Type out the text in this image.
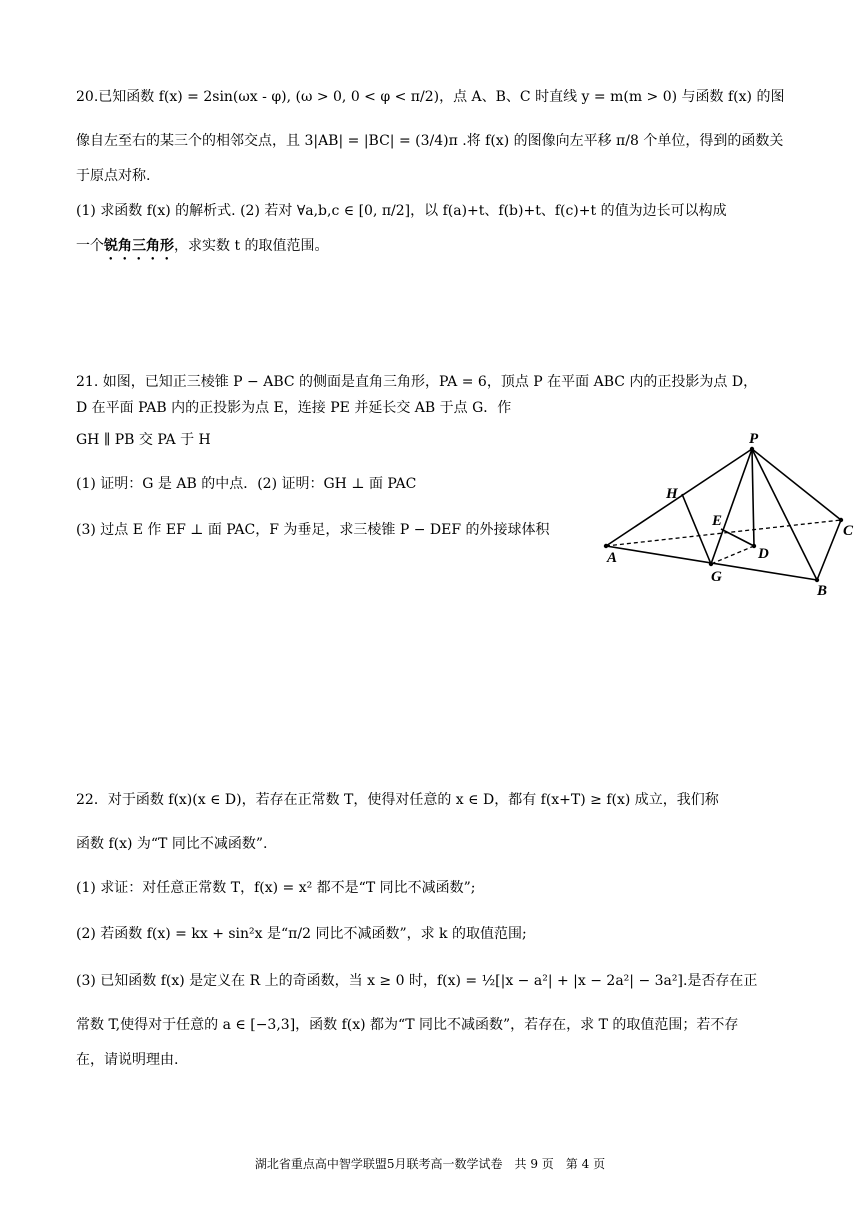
20.已知函数 f(x) = 2sin(ωx - φ), (ω > 0, 0 < φ < π/2)，点 A、B、C 时直线 y = m(m > 0) 与函数 f(x) 的图
像自左至右的某三个的相邻交点，且 3|AB| = |BC| = (3/4)π .将 f(x) 的图像向左平移 π/8 个单位，得到的函数关
于原点对称.
(1) 求函数 f(x) 的解析式. (2) 若对 ∀a,b,c ∈ [0, π/2]，以 f(a)+t、f(b)+t、f(c)+t 的值为边长可以构成
一个锐角三角形，求实数 t 的取值范围。
21. 如图，已知正三棱锥 P − ABC 的侧面是直角三角形，PA = 6，顶点 P 在平面 ABC 内的正投影为点 D，
D 在平面 PAB 内的正投影为点 E，连接 PE 并延长交 AB 于点 G．作
GH ∥ PB 交 PA 于 H
(1) 证明：G 是 AB 的中点．(2) 证明：GH ⊥ 面 PAC
(3) 过点 E 作 EF ⊥ 面 PAC，F 为垂足，求三棱锥 P − DEF 的外接球体积
P
H
E
C
D
A
G
B
22．对于函数 f(x)(x ∈ D)，若存在正常数 T，使得对任意的 x ∈ D，都有 f(x+T) ≥ f(x) 成立，我们称
函数 f(x) 为“T 同比不减函数”.
(1) 求证：对任意正常数 T，f(x) = x² 都不是“T 同比不减函数”;
(2) 若函数 f(x) = kx + sin²x 是“π/2 同比不减函数”，求 k 的取值范围;
(3) 已知函数 f(x) 是定义在 R 上的奇函数，当 x ≥ 0 时，f(x) = ½[|x − a²| + |x − 2a²| − 3a²].是否存在正
常数 T,使得对于任意的 a ∈ [−3,3]，函数 f(x) 都为“T 同比不减函数”，若存在，求 T 的取值范围；若不存
在，请说明理由.
湖北省重点高中智学联盟5月联考高一数学试卷　共 9 页　第 4 页
